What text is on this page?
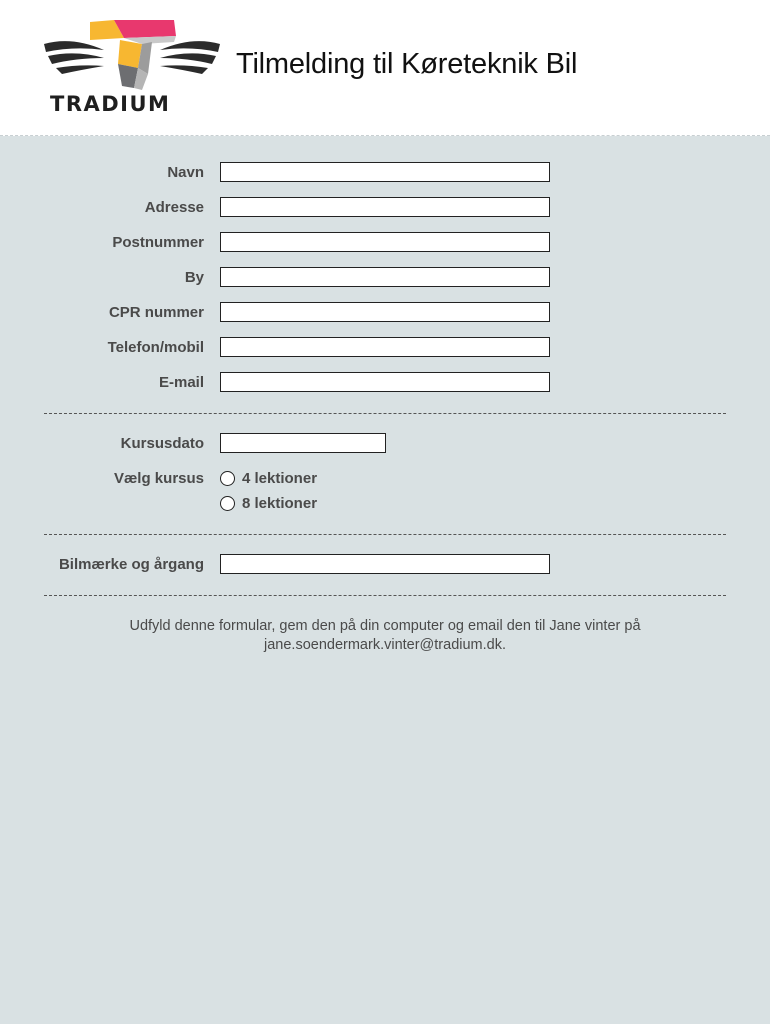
TRADIUM
Tilmelding til Køreteknik Bil
Navn
Adresse
Postnummer
By
CPR nummer
Telefon/mobil
E-mail
Kursusdato
Vælg kursus	4 lektioner
8 lektioner
Bilmærke og årgang
Udfyld denne formular, gem den på din computer og email den til Jane vinter på jane.soendermark.vinter@tradium.dk.
